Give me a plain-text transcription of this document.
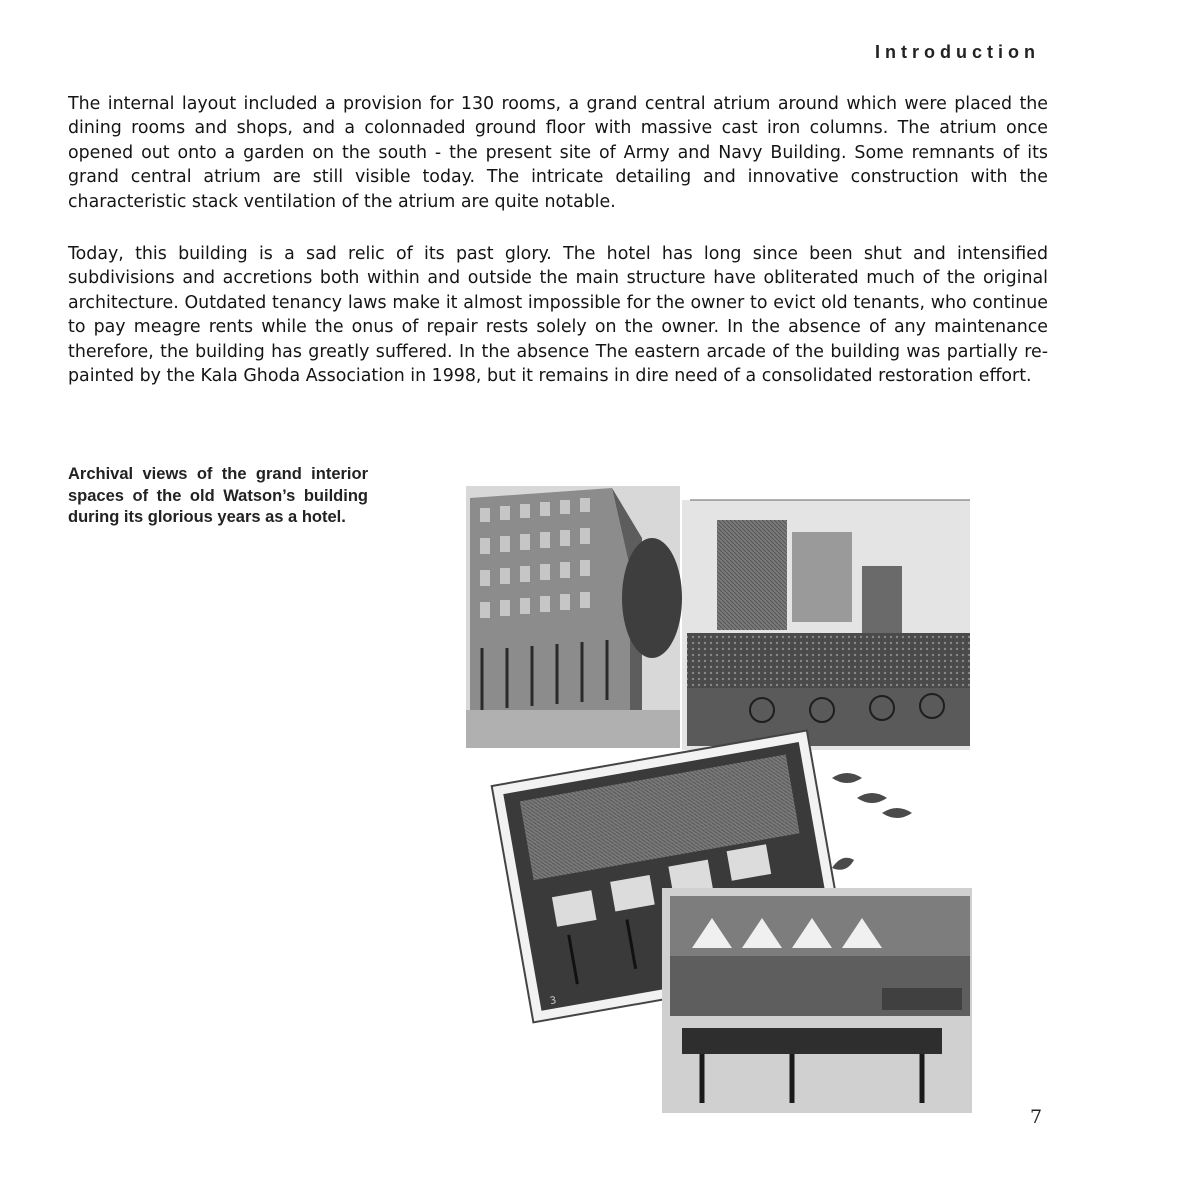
Introduction

The internal layout included a provision for 130 rooms, a grand central atrium around which were placed the dining rooms and shops, and a colonnaded ground floor with massive cast iron columns. The atrium once opened out onto a garden on the south - the present site of Army and Navy Building. Some remnants of its grand central atrium are still visible today. The intricate detailing and innovative construction with the characteristic stack ventilation of the atrium are quite notable.

Today, this building is a sad relic of its past glory. The hotel has long since been shut and intensified subdivisions and accretions both within and outside the main structure have obliterated much of the original architecture. Outdated tenancy laws make it almost impossible for the owner to evict old tenants, who continue to pay meagre rents while the onus of repair rests solely on the owner. In the absence of any maintenance therefore, the building has greatly suffered. In the absence The eastern arcade of the building was partially re-painted by the Kala Ghoda Association in 1998, but it remains in dire need of a consolidated restoration effort.

Archival views of the grand interior spaces of the old Watson’s building during its glorious years as a hotel.
3
7
